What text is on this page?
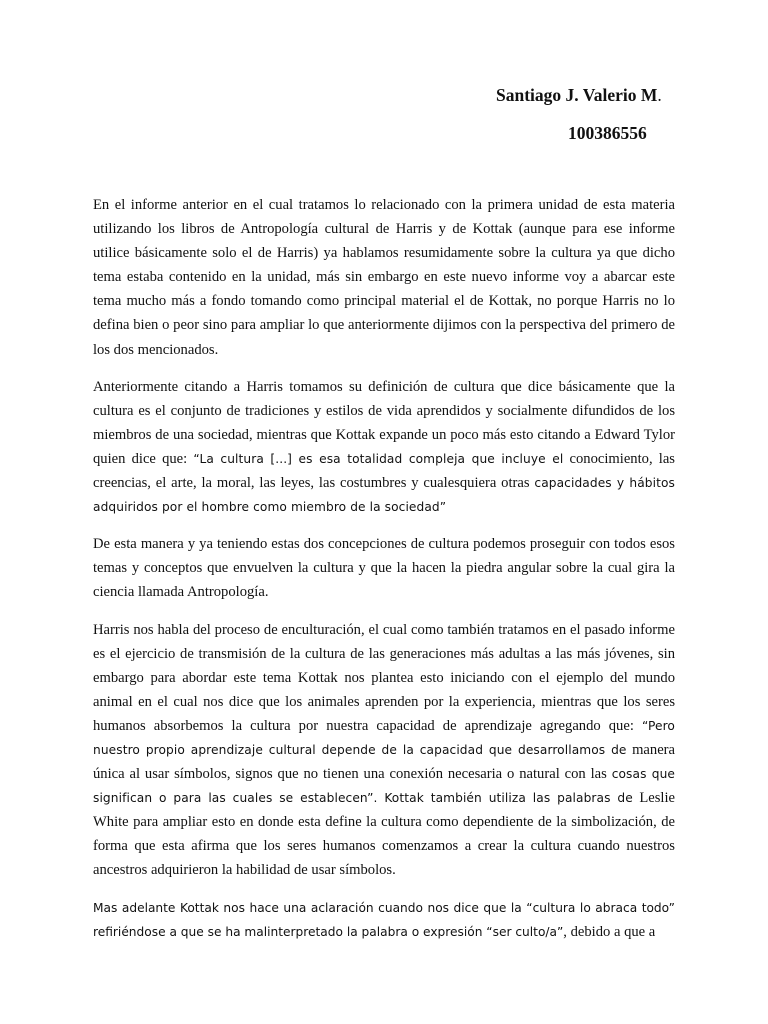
Santiago J. Valerio M.
100386556

En el informe anterior en el cual tratamos lo relacionado con la primera unidad de esta materia utilizando los libros de Antropología cultural de Harris y de Kottak (aunque para ese informe utilice básicamente solo el de Harris) ya hablamos resumidamente sobre la cultura ya que dicho tema estaba contenido en la unidad, más sin embargo en este nuevo informe voy a abarcar este tema mucho más a fondo tomando como principal material el de Kottak, no porque Harris no lo defina bien o peor sino para ampliar lo que anteriormente dijimos con la perspectiva del primero de los dos mencionados.

Anteriormente citando a Harris tomamos su definición de cultura que dice básicamente que la cultura es el conjunto de tradiciones y estilos de vida aprendidos y socialmente difundidos de los miembros de una sociedad, mientras que Kottak expande un poco más esto citando a Edward Tylor quien dice que: “La cultura [...] es esa totalidad compleja que incluye el conocimiento, las creencias, el arte, la moral, las leyes, las costumbres y cualesquiera otras capacidades y hábitos adquiridos por el hombre como miembro de la sociedad”

De esta manera y ya teniendo estas dos concepciones de cultura podemos proseguir con todos esos temas y conceptos que envuelven la cultura y que la hacen la piedra angular sobre la cual gira la ciencia llamada Antropología.

Harris nos habla del proceso de enculturación, el cual como también tratamos en el pasado informe es el ejercicio de transmisión de la cultura de las generaciones más adultas a las más jóvenes, sin embargo para abordar este tema Kottak nos plantea esto iniciando con el ejemplo del mundo animal en el cual nos dice que los animales aprenden por la experiencia, mientras que los seres humanos absorbemos la cultura por nuestra capacidad de aprendizaje agregando que: “Pero nuestro propio aprendizaje cultural depende de la capacidad que desarrollamos de manera única al usar símbolos, signos que no tienen una conexión necesaria o natural con las cosas que significan o para las cuales se establecen”. Kottak también utiliza las palabras de Leslie White para ampliar esto en donde esta define la cultura como dependiente de la simbolización, de forma que esta afirma que los seres humanos comenzamos a crear la cultura cuando nuestros ancestros adquirieron la habilidad de usar símbolos.

Mas adelante Kottak nos hace una aclaración cuando nos dice que la “cultura lo abraca todo” refiriéndose a que se ha malinterpretado la palabra o expresión “ser culto/a”, debido a que a
